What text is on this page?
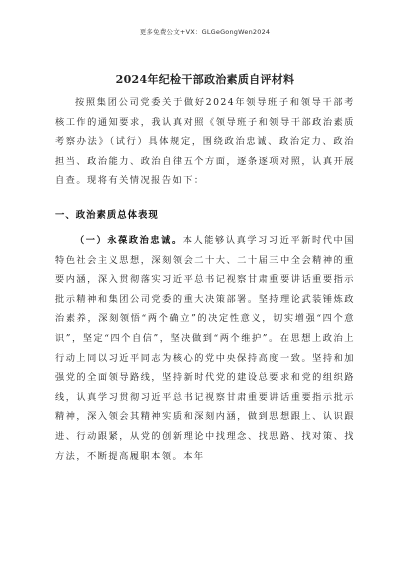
更多免费公文+VX：GLGeGongWen2024
2024年纪检干部政治素质自评材料

按照集团公司党委关于做好2024年领导班子和领导干部考核工作的通知要求，我认真对照《领导班子和领导干部政治素质考察办法》（试行）具体规定，围绕政治忠诚、政治定力、政治担当、政治能力、政治自律五个方面，逐条逐项对照，认真开展自查。现将有关情况报告如下：

一、政治素质总体表现

（一）永葆政治忠诚。本人能够认真学习习近平新时代中国特色社会主义思想，深刻领会二十大、二十届三中全会精神的重要内涵，深入贯彻落实习近平总书记视察甘肃重要讲话重要指示批示精神和集团公司党委的重大决策部署。坚持理论武装锤炼政治素养，深刻领悟“两个确立”的决定性意义，切实增强“四个意识”，坚定“四个自信”，坚决做到“两个维护”。在思想上政治上行动上同以习近平同志为核心的党中央保持高度一致。坚持和加强党的全面领导路线，坚持新时代党的建设总要求和党的组织路线，认真学习贯彻习近平总书记视察甘肃重要讲话重要指示批示精神，深入领会其精神实质和深刻内涵，做到思想跟上、认识跟进、行动跟紧，从党的创新理论中找理念、找思路、找对策、找方法，不断提高履职本领。本年
